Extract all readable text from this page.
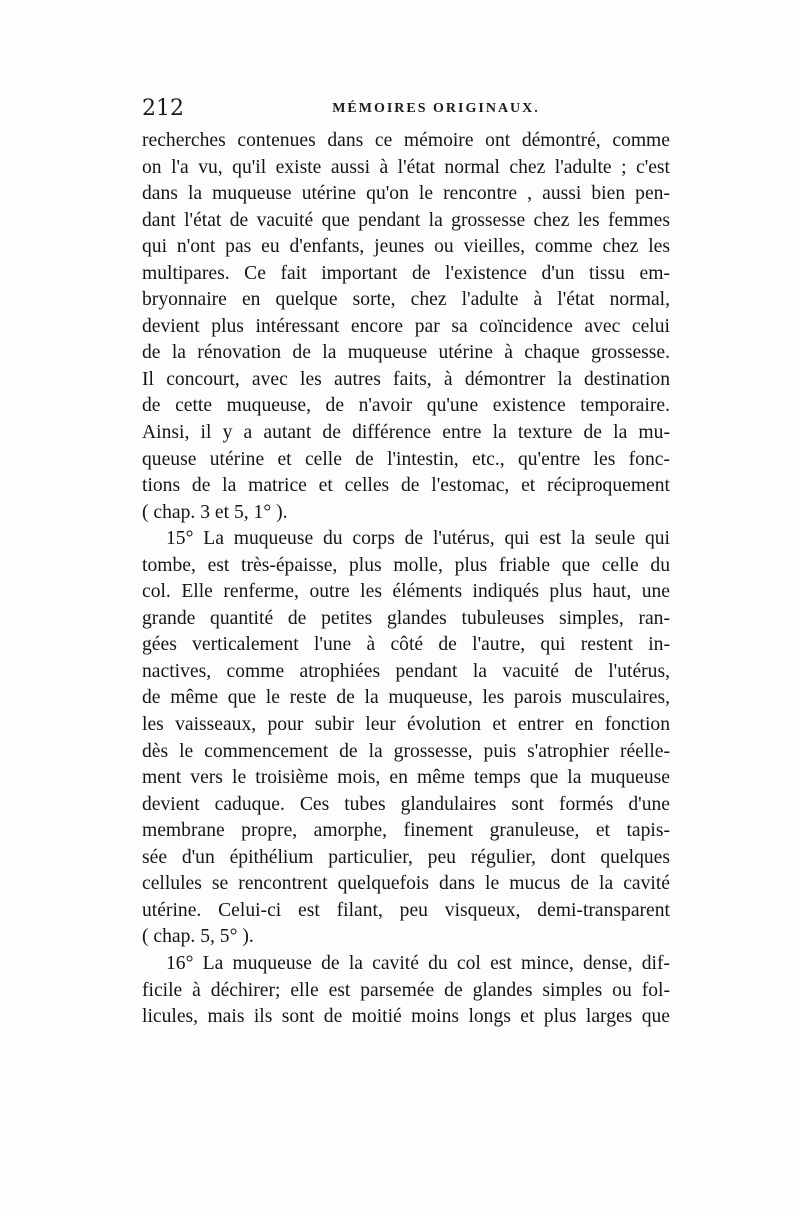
212	MÉMOIRES ORIGINAUX.
recherches contenues dans ce mémoire ont démontré, comme
on l'a vu, qu'il existe aussi à l'état normal chez l'adulte ; c'est
dans la muqueuse utérine qu'on le rencontre , aussi bien pen-
dant l'état de vacuité que pendant la grossesse chez les femmes
qui n'ont pas eu d'enfants, jeunes ou vieilles, comme chez les
multipares. Ce fait important de l'existence d'un tissu em-
bryonnaire en quelque sorte, chez l'adulte à l'état normal,
devient plus intéressant encore par sa coïncidence avec celui
de la rénovation de la muqueuse utérine à chaque grossesse.
Il concourt, avec les autres faits, à démontrer la destination
de cette muqueuse, de n'avoir qu'une existence temporaire.
Ainsi, il y a autant de différence entre la texture de la mu-
queuse utérine et celle de l'intestin, etc., qu'entre les fonc-
tions de la matrice et celles de l'estomac, et réciproquement
( chap. 3 et 5, 1° ).
15° La muqueuse du corps de l'utérus, qui est la seule qui
tombe, est très-épaisse, plus molle, plus friable que celle du
col. Elle renferme, outre les éléments indiqués plus haut, une
grande quantité de petites glandes tubuleuses simples, ran-
gées verticalement l'une à côté de l'autre, qui restent in-
nactives, comme atrophiées pendant la vacuité de l'utérus,
de même que le reste de la muqueuse, les parois musculaires,
les vaisseaux, pour subir leur évolution et entrer en fonction
dès le commencement de la grossesse, puis s'atrophier réelle-
ment vers le troisième mois, en même temps que la muqueuse
devient caduque. Ces tubes glandulaires sont formés d'une
membrane propre, amorphe, finement granuleuse, et tapis-
sée d'un épithélium particulier, peu régulier, dont quelques
cellules se rencontrent quelquefois dans le mucus de la cavité
utérine. Celui-ci est filant, peu visqueux, demi-transparent
( chap. 5, 5° ).
16° La muqueuse de la cavité du col est mince, dense, dif-
ficile à déchirer; elle est parsemée de glandes simples ou fol-
licules, mais ils sont de moitié moins longs et plus larges que
